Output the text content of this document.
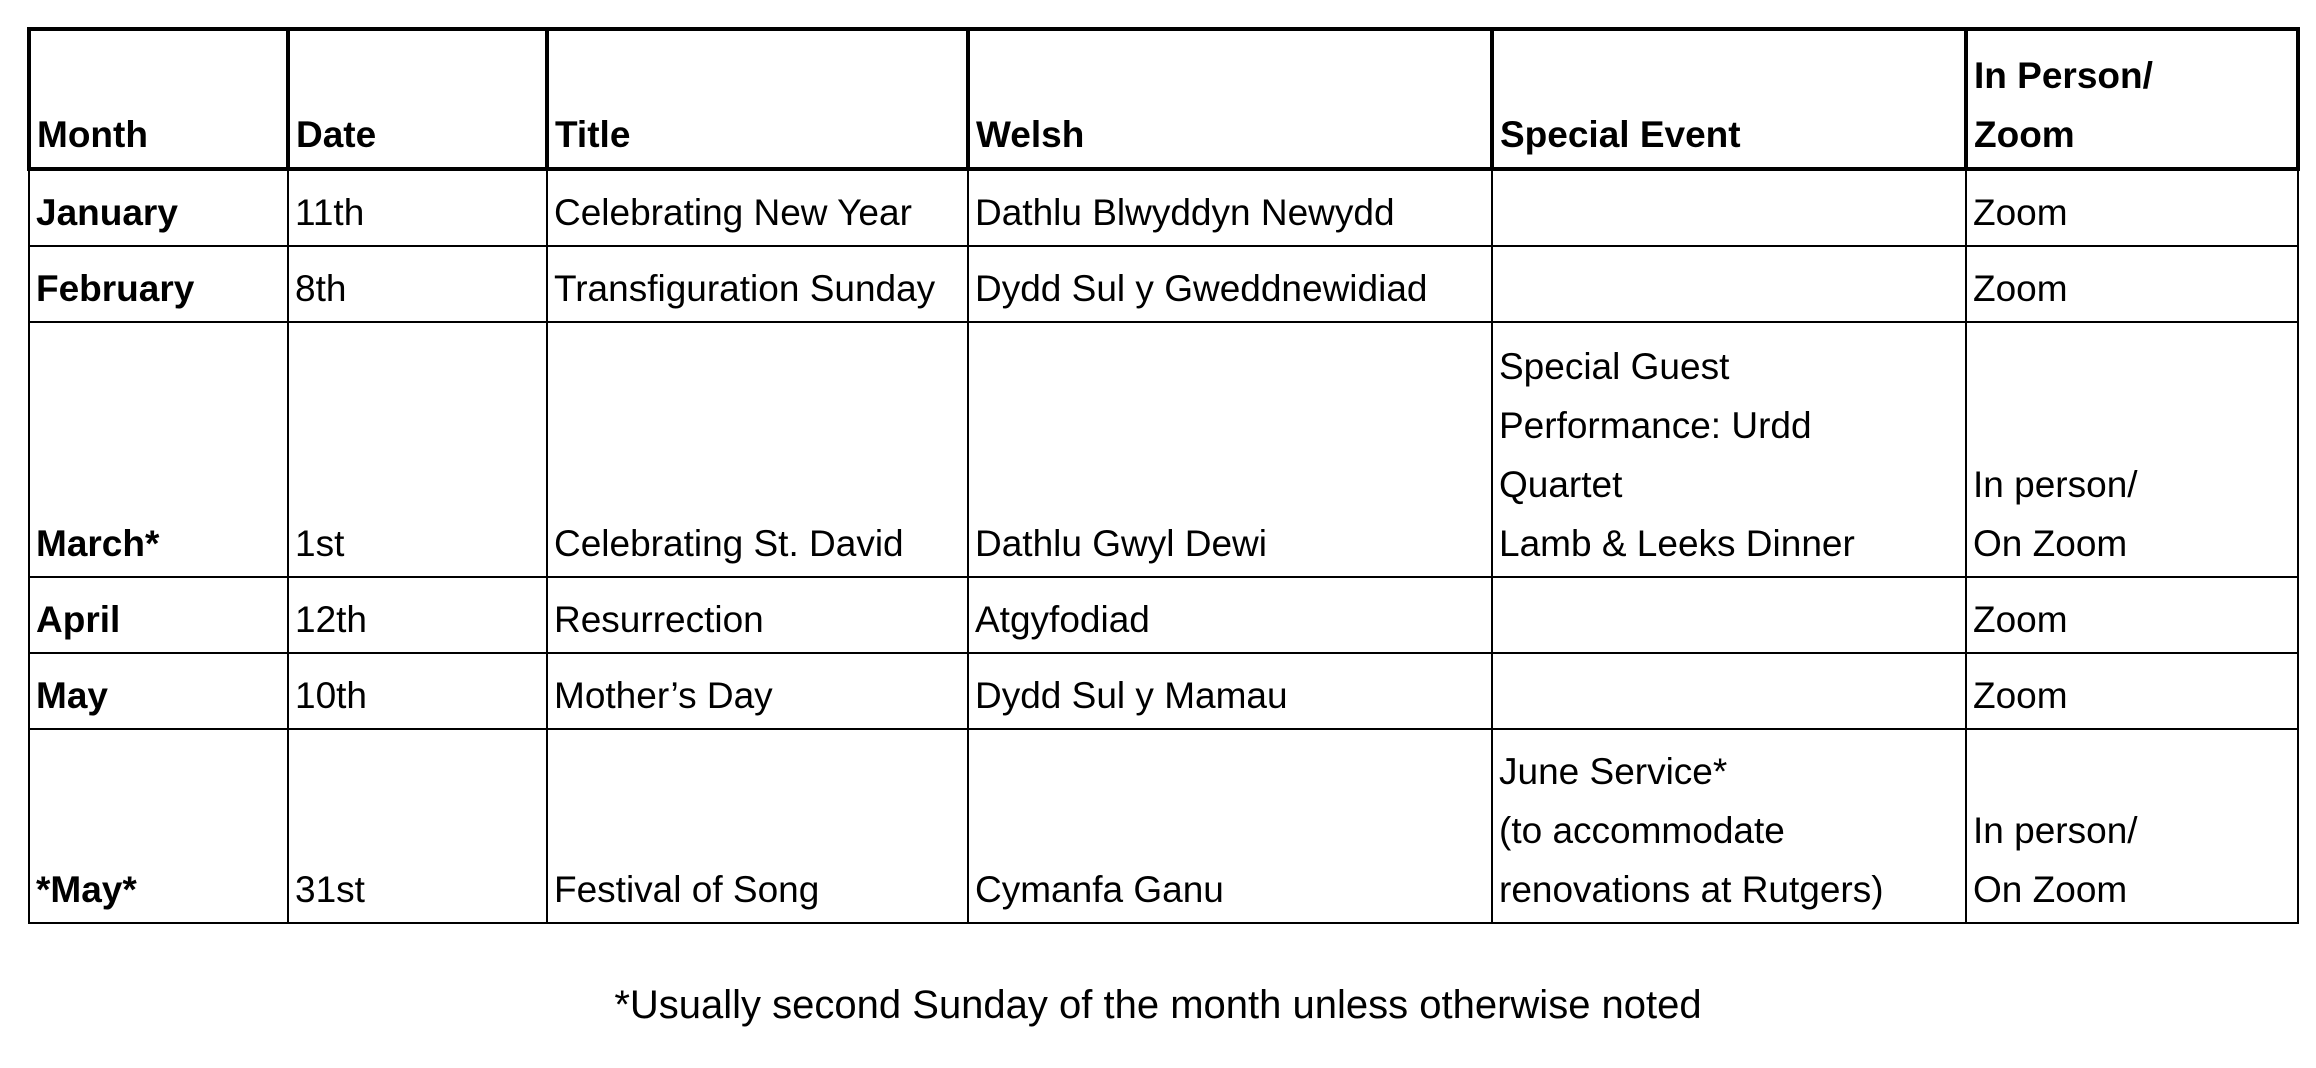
Month	Date	Title	Welsh	Special Event	In Person/
Zoom

January	11th	Celebrating New Year	Dathlu Blwyddyn Newydd		Zoom
February	8th	Transfiguration Sunday	Dydd Sul y Gweddnewidiad		Zoom
March*	1st	Celebrating St. David	Dathlu Gwyl Dewi	Special Guest
Performance: Urdd
Quartet
Lamb & Leeks Dinner	In person/
On Zoom

April	12th	Resurrection	Atgyfodiad		Zoom
May	10th	Mother’s Day	Dydd Sul y Mamau		Zoom
*May*	31st	Festival of Song	Cymanfa Ganu	June Service*
(to accommodate
renovations at Rutgers)	In person/
On Zoom
*Usually second Sunday of the month unless otherwise noted
